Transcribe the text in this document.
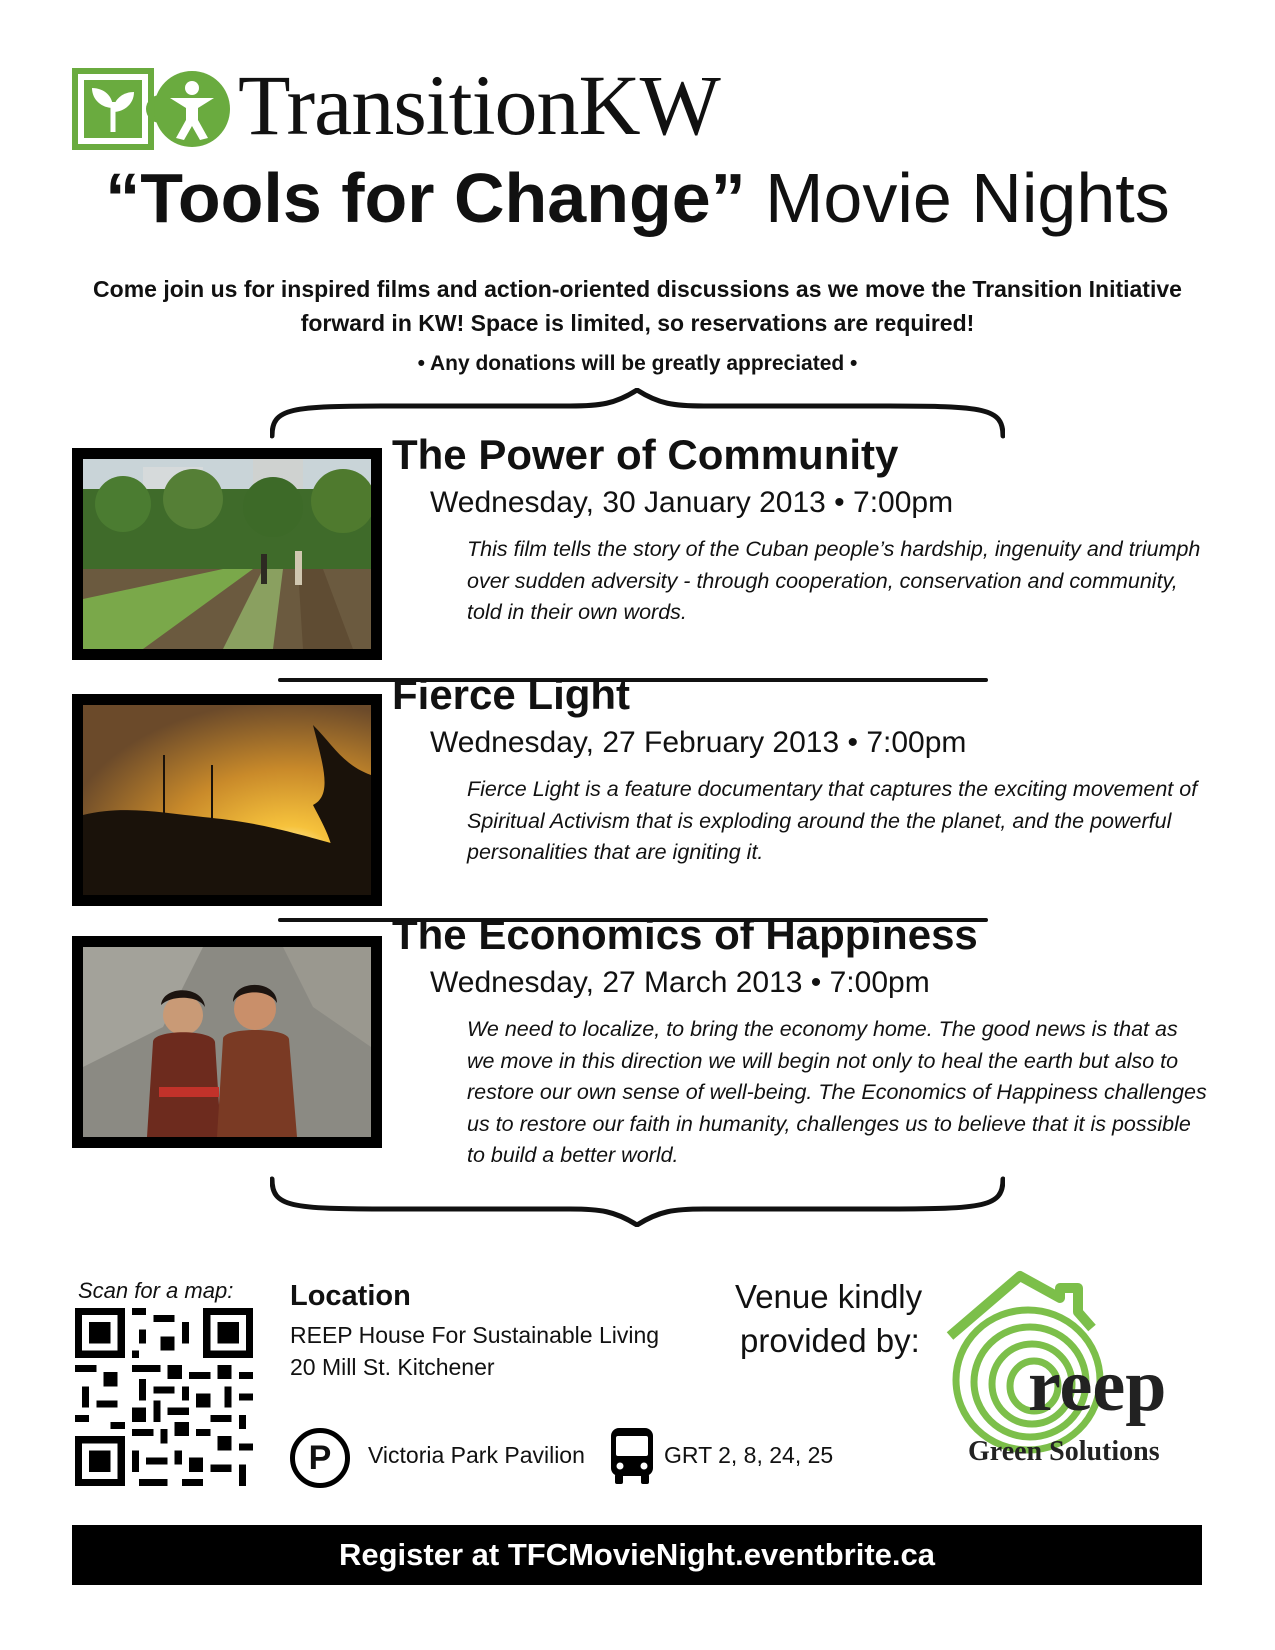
TransitionKW
“Tools for Change” Movie Nights
Come join us for inspired films and action-oriented discussions as we move the Transition Initiative forward in KW! Space is limited, so reservations are required!
• Any donations will be greatly appreciated •
The Power of Community
Wednesday, 30 January 2013 • 7:00pm
This film tells the story of the Cuban people’s hardship, ingenuity and triumph over sudden adversity - through cooperation, conservation and community, told in their own words.
Fierce Light
Wednesday, 27 February 2013 • 7:00pm
Fierce Light is a feature documentary that captures the exciting movement of Spiritual Activism that is exploding around the the planet, and the powerful personalities that are igniting it.
The Economics of Happiness
Wednesday, 27 March 2013 • 7:00pm
We need to localize, to bring the economy home. The good news is that as we move in this direction we will begin not only to heal the earth but also to restore our own sense of well-being. The Economics of Happiness challenges us to restore our faith in humanity, challenges us to believe that it is possible to build a better world.
Scan for a map: Location
REEP House For Sustainable Living
20 Mill St. Kitchener
P	Victoria Park Pavilion	GRT 2, 8, 24, 25
Venue kindly
provided by:
reep
Green Solutions
Register at TFCMovieNight.eventbrite.ca
